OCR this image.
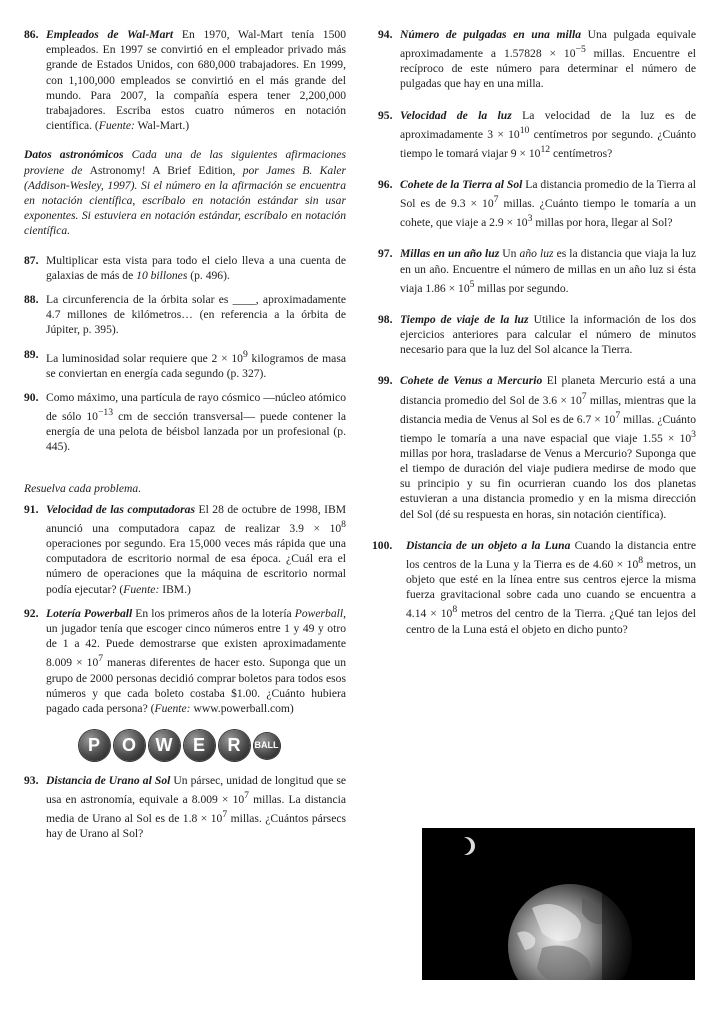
86. Empleados de Wal-Mart En 1970, Wal-Mart tenía 1500 empleados. En 1997 se convirtió en el empleador privado más grande de Estados Unidos, con 680,000 trabajadores. En 1999, con 1,100,000 empleados se convirtió en el más grande del mundo. Para 2007, la compañía espera tener 2,200,000 trabajadores. Escriba estos cuatro números en notación científica. (Fuente: Wal-Mart.)

Datos astronómicos Cada una de las siguientes afirmaciones proviene de Astronomy! A Brief Edition, por James B. Kaler (Addison-Wesley, 1997). Si el número en la afirmación se encuentra en notación científica, escríbalo en notación estándar sin usar exponentes. Si estuviera en notación estándar, escríbalo en notación científica.

87. Multiplicar esta vista para todo el cielo lleva a una cuenta de galaxias de más de 10 billones (p. 496).

88. La circunferencia de la órbita solar es ____, aproximadamente 4.7 millones de kilómetros… (en referencia a la órbita de Júpiter, p. 395).

89. La luminosidad solar requiere que $2 \times 10^9$ kilogramos de masa se conviertan en energía cada segundo (p. 327).

90. Como máximo, una partícula de rayo cósmico —núcleo atómico de sólo $10^{-13}$ cm de sección transversal— puede contener la energía de una pelota de béisbol lanzada por un profesional (p. 445).

Resuelva cada problema.

91. Velocidad de las computadoras El 28 de octubre de 1998, IBM anunció una computadora capaz de realizar $3.9 \times 10^8$ operaciones por segundo. Era 15,000 veces más rápida que una computadora de escritorio normal de esa época. ¿Cuál era el número de operaciones que la máquina de escritorio normal podía ejecutar? (Fuente: IBM.)

92. Lotería Powerball En los primeros años de la lotería Powerball, un jugador tenía que escoger cinco números entre 1 y 49 y otro de 1 a 42. Puede demostrarse que existen aproximadamente $8.009 \times 10^7$ maneras diferentes de hacer esto. Suponga que un grupo de 2000 personas decidió comprar boletos para todos esos números y que cada boleto costaba $1.00. ¿Cuánto hubiera pagado cada persona? (Fuente: www.powerball.com)

P	O	W	E	R	BALL

93. Distancia de Urano al Sol Un pársec, unidad de longitud que se usa en astronomía, equivale a $8.009 \times 10^7$ millas. La distancia media de Urano al Sol es de $1.8 \times 10^7$ millas. ¿Cuántos pársecs hay de Urano al Sol?

94. Número de pulgadas en una milla Una pulgada equivale aproximadamente a $1.57828 \times 10^{-5}$ millas. Encuentre el recíproco de este número para determinar el número de pulgadas que hay en una milla.

95. Velocidad de la luz La velocidad de la luz es de aproximadamente $3 \times 10^{10}$ centímetros por segundo. ¿Cuánto tiempo le tomará viajar $9 \times 10^{12}$ centímetros?

96. Cohete de la Tierra al Sol La distancia promedio de la Tierra al Sol es de $9.3 \times 10^7$ millas. ¿Cuánto tiempo le tomaría a un cohete, que viaje a $2.9 \times 10^3$ millas por hora, llegar al Sol?

97. Millas en un año luz Un año luz es la distancia que viaja la luz en un año. Encuentre el número de millas en un año luz si ésta viaja $1.86 \times 10^5$ millas por segundo.

98. Tiempo de viaje de la luz Utilice la información de los dos ejercicios anteriores para calcular el número de minutos necesario para que la luz del Sol alcance la Tierra.

99. Cohete de Venus a Mercurio El planeta Mercurio está a una distancia promedio del Sol de $3.6 \times 10^7$ millas, mientras que la distancia media de Venus al Sol es de $6.7 \times 10^7$ millas. ¿Cuánto tiempo le tomaría a una nave espacial que viaje $1.55 \times 10^3$ millas por hora, trasladarse de Venus a Mercurio? Suponga que el tiempo de duración del viaje pudiera medirse de modo que su principio y su fin ocurrieran cuando los dos planetas estuvieran a una distancia promedio y en la misma dirección del Sol (dé su respuesta en horas, sin notación científica).

100. Distancia de un objeto a la Luna Cuando la distancia entre los centros de la Luna y la Tierra es de $4.60 \times 10^8$ metros, un objeto que esté en la línea entre sus centros ejerce la misma fuerza gravitacional sobre cada uno cuando se encuentra a $4.14 \times 10^8$ metros del centro de la Tierra. ¿Qué tan lejos del centro de la Luna está el objeto en dicho punto?
